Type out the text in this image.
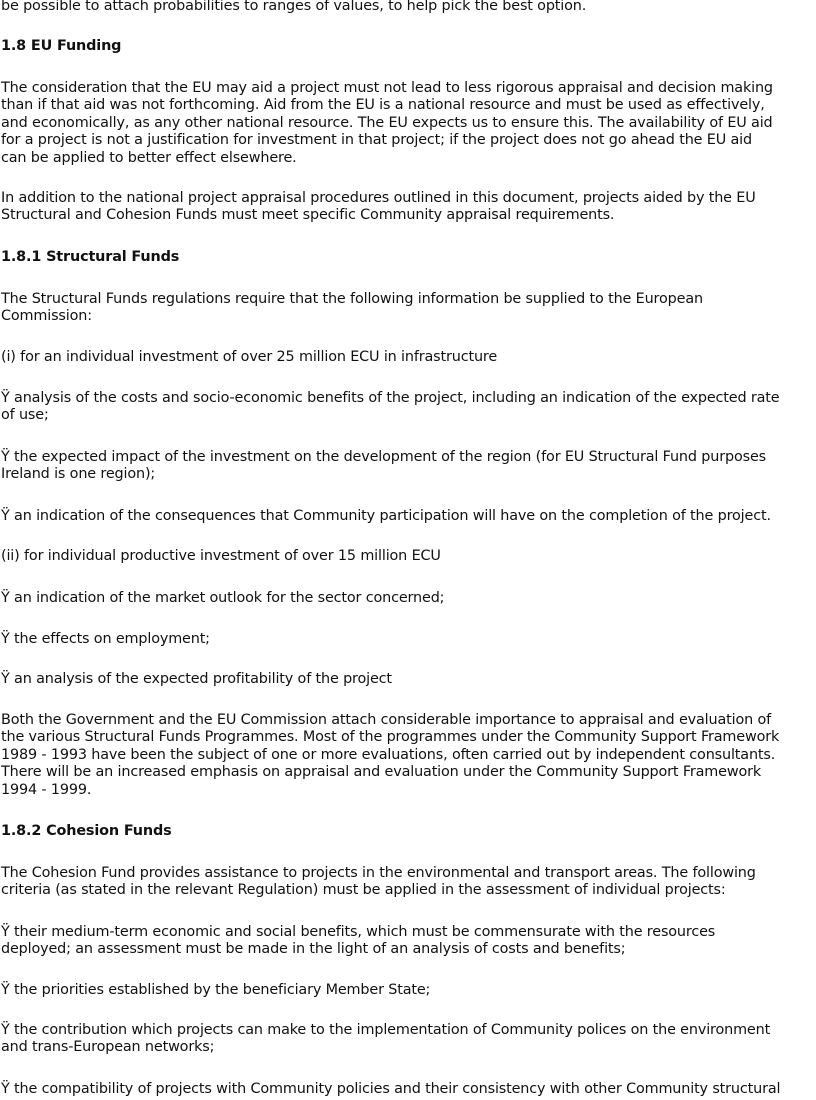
be possible to attach probabilities to ranges of values, to help pick the best option.

1.8 EU Funding

The consideration that the EU may aid a project must not lead to less rigorous appraisal and decision making
than if that aid was not forthcoming. Aid from the EU is a national resource and must be used as effectively,
and economically, as any other national resource. The EU expects us to ensure this. The availability of EU aid
for a project is not a justification for investment in that project; if the project does not go ahead the EU aid
can be applied to better effect elsewhere.

In addition to the national project appraisal procedures outlined in this document, projects aided by the EU
Structural and Cohesion Funds must meet specific Community appraisal requirements.

1.8.1 Structural Funds

The Structural Funds regulations require that the following information be supplied to the European
Commission:

(i) for an individual investment of over 25 million ECU in infrastructure

Ÿ analysis of the costs and socio-economic benefits of the project, including an indication of the expected rate
of use;

Ÿ the expected impact of the investment on the development of the region (for EU Structural Fund purposes
Ireland is one region);

Ÿ an indication of the consequences that Community participation will have on the completion of the project.

(ii) for individual productive investment of over 15 million ECU

Ÿ an indication of the market outlook for the sector concerned;

Ÿ the effects on employment;

Ÿ an analysis of the expected profitability of the project

Both the Government and the EU Commission attach considerable importance to appraisal and evaluation of
the various Structural Funds Programmes. Most of the programmes under the Community Support Framework
1989 - 1993 have been the subject of one or more evaluations, often carried out by independent consultants.
There will be an increased emphasis on appraisal and evaluation under the Community Support Framework
1994 - 1999.

1.8.2 Cohesion Funds

The Cohesion Fund provides assistance to projects in the environmental and transport areas. The following
criteria (as stated in the relevant Regulation) must be applied in the assessment of individual projects:

Ÿ their medium-term economic and social benefits, which must be commensurate with the resources
deployed; an assessment must be made in the light of an analysis of costs and benefits;

Ÿ the priorities established by the beneficiary Member State;

Ÿ the contribution which projects can make to the implementation of Community polices on the environment
and trans-European networks;

Ÿ the compatibility of projects with Community policies and their consistency with other Community structural
